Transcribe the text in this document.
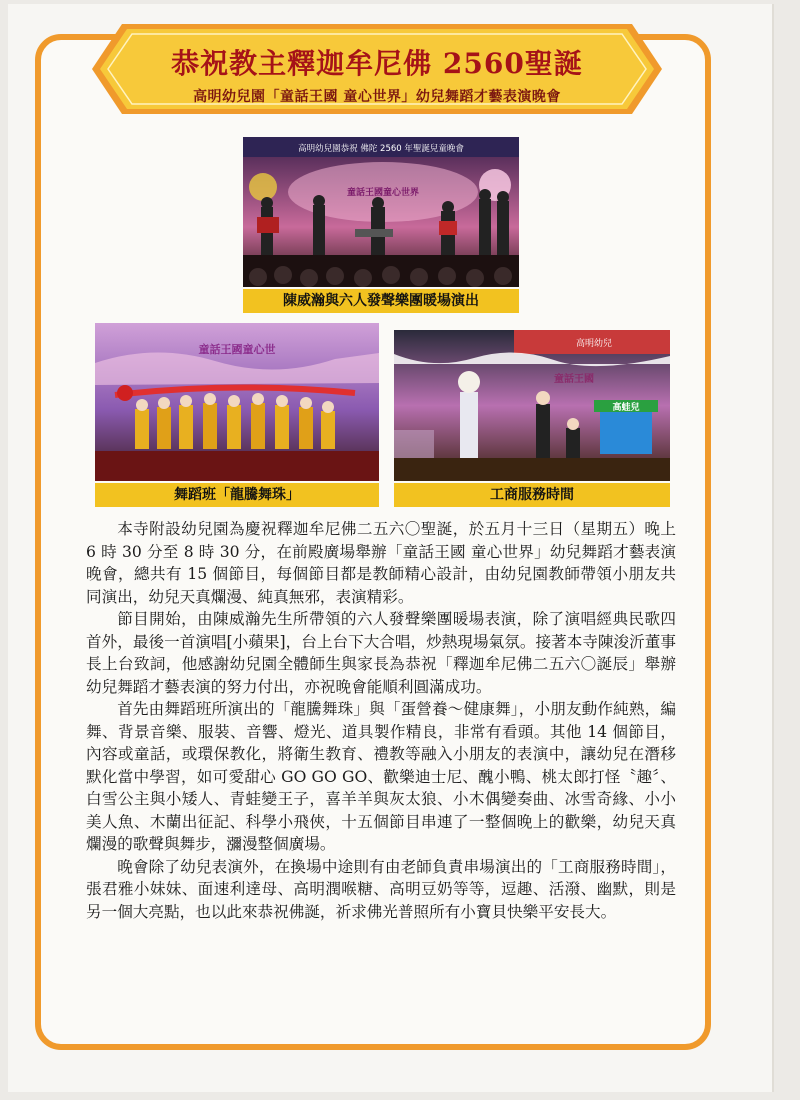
恭祝教主釋迦牟尼佛 2560聖誕
高明幼兒園「童話王國 童心世界」幼兒舞蹈才藝表演晚會
高明幼兒園恭祝 佛陀 2560 年聖誕兒童晚會
童話王國童心世界
陳威瀚與六人發聲樂團暖場演出
童話王國童心世
舞蹈班「龍騰舞珠」
高明幼兒
童話王國
高蛙兒
工商服務時間

本寺附設幼兒園為慶祝釋迦牟尼佛二五六〇聖誕，於五月十三日（星期五）晚上 6 時 30 分至 8 時 30 分，在前殿廣場舉辦「童話王國 童心世界」幼兒舞蹈才藝表演晚會，總共有 15 個節目，每個節目都是教師精心設計，由幼兒園教師帶領小朋友共同演出，幼兒天真爛漫、純真無邪，表演精彩。

節目開始，由陳威瀚先生所帶領的六人發聲樂團暖場表演，除了演唱經典民歌四首外，最後一首演唱[小蘋果]，台上台下大合唱，炒熱現場氣氛。接著本寺陳浚沂董事長上台致詞，他感謝幼兒園全體師生與家長為恭祝「釋迦牟尼佛二五六〇誕辰」舉辦幼兒舞蹈才藝表演的努力付出，亦祝晚會能順利圓滿成功。

首先由舞蹈班所演出的「龍騰舞珠」與「蛋營養～健康舞」，小朋友動作純熟，編舞、背景音樂、服裝、音響、燈光、道具製作精良，非常有看頭。其他 14 個節目，內容或童話，或環保教化，將衛生教育、禮教等融入小朋友的表演中，讓幼兒在潛移默化當中學習，如可愛甜心 GO GO GO、歡樂迪士尼、醜小鴨、桃太郎打怪〝趣〞、白雪公主與小矮人、青蛙變王子，喜羊羊與灰太狼、小木偶變奏曲、冰雪奇緣、小小美人魚、木蘭出征記、科學小飛俠，十五個節目串連了一整個晚上的歡樂，幼兒天真爛漫的歌聲與舞步，瀰漫整個廣場。

晚會除了幼兒表演外，在換場中途則有由老師負責串場演出的「工商服務時間」，張君雅小妹妹、面速利達母、高明潤喉糖、高明豆奶等等，逗趣、活潑、幽默，則是另一個大亮點，也以此來恭祝佛誕，祈求佛光普照所有小寶貝快樂平安長大。
